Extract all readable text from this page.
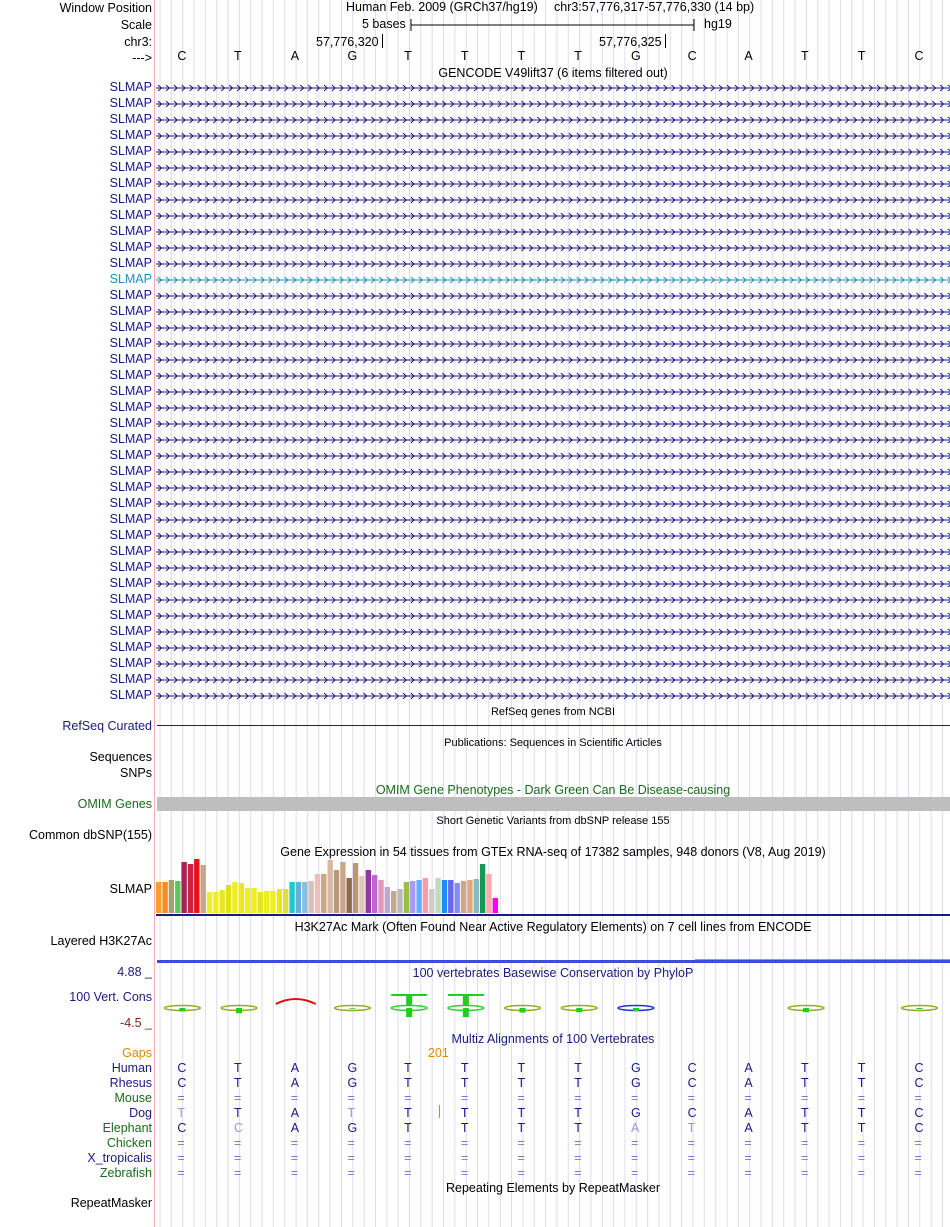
Window Position	Human Feb. 2009 (GRCh37/hg19) chr3:57,776,317-57,776,330 (14 bp)
Scale	5 bases	hg19
chr3:	57,776,320	57,776,325
---> C	T	A	G	T	T	T	T	G	C	A	T	T	C
GENCODE V49lift37 (6 items filtered out)
SLMAP
SLMAP
SLMAP
SLMAP
SLMAP
SLMAP
SLMAP
SLMAP
SLMAP
SLMAP
SLMAP
SLMAP
SLMAP
SLMAP
SLMAP
SLMAP
SLMAP
SLMAP
SLMAP
SLMAP
SLMAP
SLMAP
SLMAP
SLMAP
SLMAP
SLMAP
SLMAP
SLMAP
SLMAP
SLMAP
SLMAP
SLMAP
SLMAP
SLMAP
SLMAP
SLMAP
SLMAP
SLMAP
SLMAP
RefSeq genes from NCBI
RefSeq Curated
Publications: Sequences in Scientific Articles
Sequences
SNPs
OMIM Gene Phenotypes - Dark Green Can Be Disease-causing
OMIM Genes
Short Genetic Variants from dbSNP release 155
Common dbSNP(155)
Gene Expression in 54 tissues from GTEx RNA-seq of 17382 samples, 948 donors (V8, Aug 2019)
SLMAP
H3K27Ac Mark (Often Found Near Active Regulatory Elements) on 7 cell lines from ENCODE
Layered H3K27Ac
100 vertebrates Basewise Conservation by PhyloP
4.88 _
100 Vert. Cons
-4.5 _
Multiz Alignments of 100 Vertebrates
Gaps	201
Human C	T	A	G	T	T	T	T	G	C	A	T	T	C
Rhesus C	T	A	G	T	T	T	T	G	C	A	T	T	C
Mouse =	=	=	=	=	=	=	=	=	=	=	=	=	=
Dog T	T	A	T	T	T	T	T	G	C	A	T	T	C
Elephant C	C	A	G	T	T	T	T	A	T	A	T	T	C
Chicken =	=	=	=	=	=	=	=	=	=	=	=	=	=
X_tropicalis =	=	=	=	=	=	=	=	=	=	=	=	=	=
Zebrafish =	=	=	=	=	=	=	=	=	=	=	=	=	=
Repeating Elements by RepeatMasker
RepeatMasker
